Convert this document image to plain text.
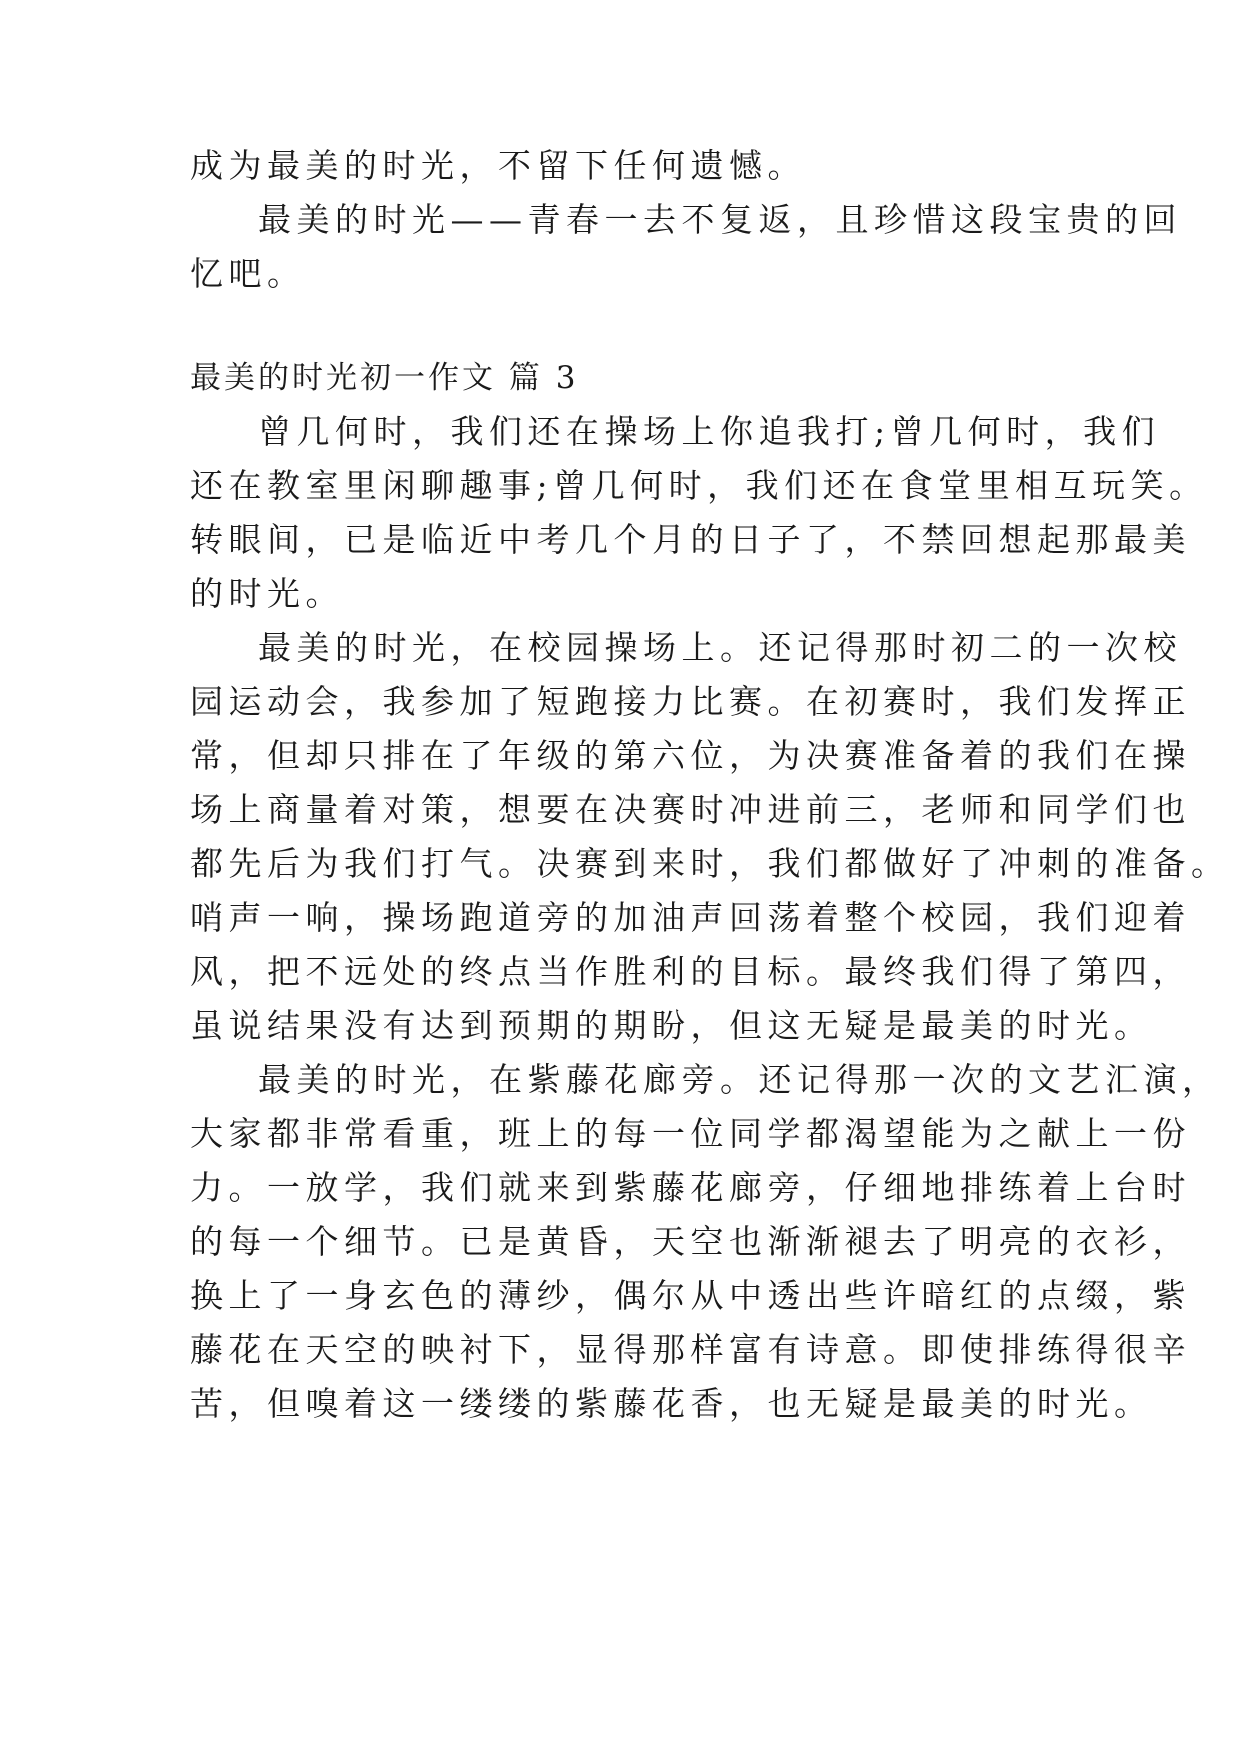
成为最美的时光，不留下任何遗憾。
最美的时光——青春一去不复返，且珍惜这段宝贵的回
忆吧。
最美的时光初一作文 篇 3
曾几何时，我们还在操场上你追我打;曾几何时，我们
还在教室里闲聊趣事;曾几何时，我们还在食堂里相互玩笑。
转眼间，已是临近中考几个月的日子了，不禁回想起那最美
的时光。
最美的时光，在校园操场上。还记得那时初二的一次校
园运动会，我参加了短跑接力比赛。在初赛时，我们发挥正
常，但却只排在了年级的第六位，为决赛准备着的我们在操
场上商量着对策，想要在决赛时冲进前三，老师和同学们也
都先后为我们打气。决赛到来时，我们都做好了冲刺的准备。
哨声一响，操场跑道旁的加油声回荡着整个校园，我们迎着
风，把不远处的终点当作胜利的目标。最终我们得了第四，
虽说结果没有达到预期的期盼，但这无疑是最美的时光。
最美的时光，在紫藤花廊旁。还记得那一次的文艺汇演，
大家都非常看重，班上的每一位同学都渴望能为之献上一份
力。一放学，我们就来到紫藤花廊旁，仔细地排练着上台时
的每一个细节。已是黄昏，天空也渐渐褪去了明亮的衣衫，
换上了一身玄色的薄纱，偶尔从中透出些许暗红的点缀，紫
藤花在天空的映衬下，显得那样富有诗意。即使排练得很辛
苦，但嗅着这一缕缕的紫藤花香，也无疑是最美的时光。
